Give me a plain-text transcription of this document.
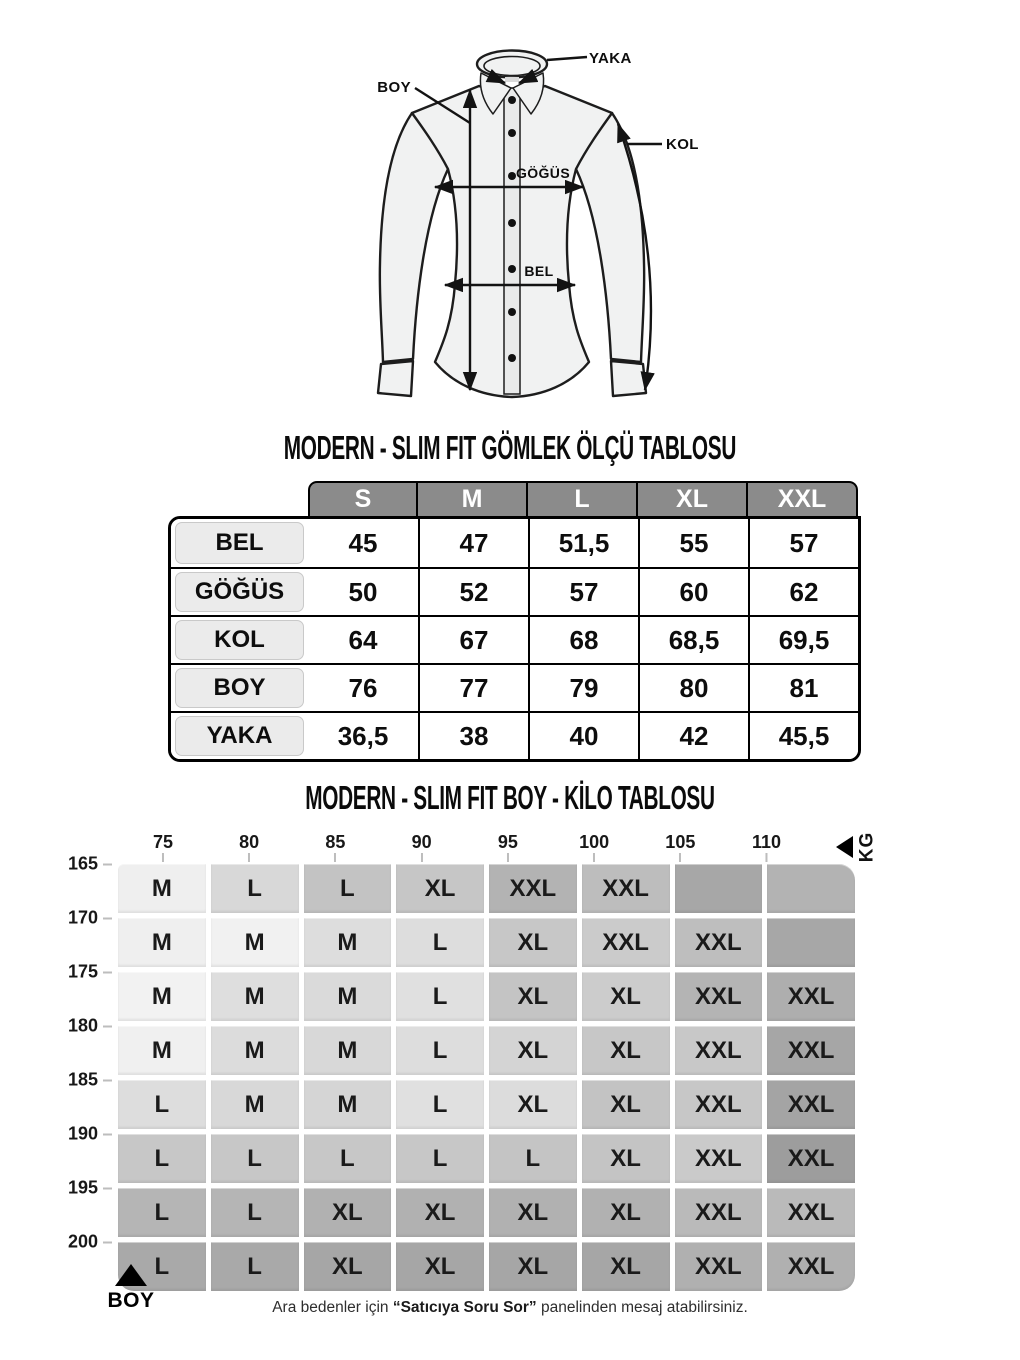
YAKA
BOY
KOL
GÖĞÜS
BEL
MODERN - SLIM FIT GÖMLEK ÖLÇÜ TABLOSU
S	M	L	XL	XXL
BEL	45	47	51,5	55	57
GÖĞÜS	50	52	57	60	62
KOL	64	67	68	68,5	69,5
BOY	76	77	79	80	81
YAKA	36,5	38	40	42	45,5
MODERN - SLIM FIT BOY - KİLO TABLOSU
75	80	85	90	95	100	105	110	KG
165
170
175
180
185
190
195
200
M	L	L	XL	XXL	XXL
M	M	M	L	XL	XXL	XXL
M	M	M	L	XL	XL	XXL	XXL
M	M	M	L	XL	XL	XXL	XXL
L	M	M	L	XL	XL	XXL	XXL
L	L	L	L	L	XL	XXL	XXL
L	L	XL	XL	XL	XL	XXL	XXL
L	L	XL	XL	XL	XL	XXL	XXL
BOY	Ara bedenler için “Satıcıya Soru Sor” panelinden mesaj atabilirsiniz.
